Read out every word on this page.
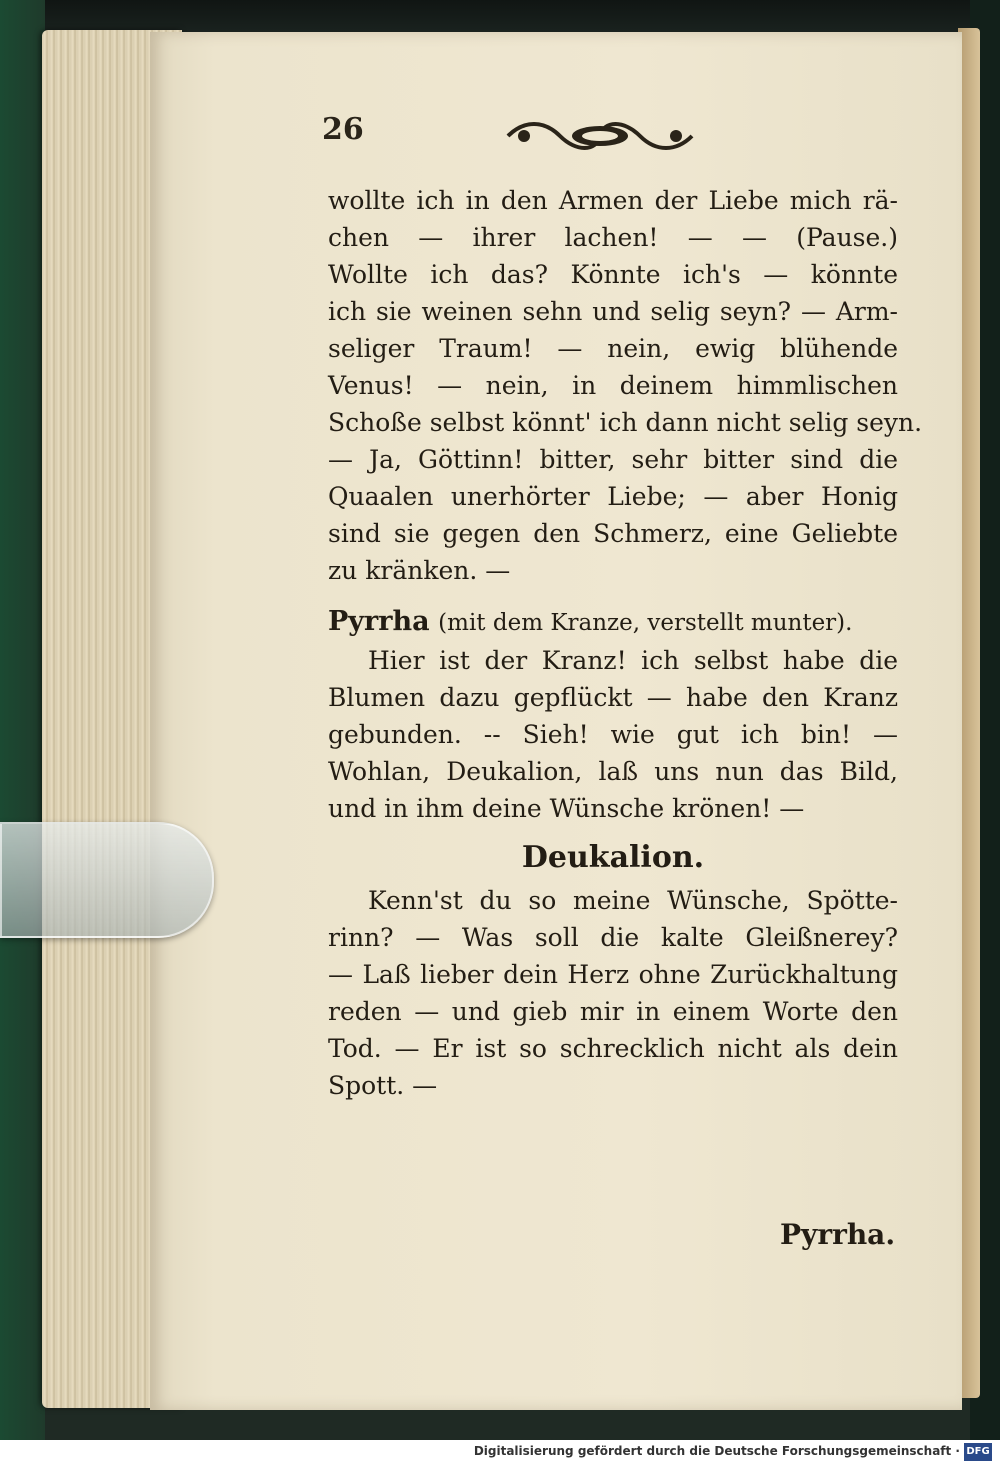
26
wollte ich in den Armen der Liebe mich rä-
chen — ihrer lachen! — — (Pause.)
Wollte ich das? Könnte ich's — könnte
ich sie weinen sehn und selig seyn? — Arm-
seliger Traum! — nein, ewig blühende
Venus! — nein, in deinem himmlischen
Schoße selbst könnt' ich dann nicht selig seyn.
— Ja, Göttinn! bitter, sehr bitter sind die
Quaalen unerhörter Liebe; — aber Honig
sind sie gegen den Schmerz, eine Geliebte
zu kränken. —
Pyrrha (mit dem Kranze, verstellt munter).
Hier ist der Kranz! ich selbst habe die
Blumen dazu gepflückt — habe den Kranz
gebunden. -- Sieh! wie gut ich bin! —
Wohlan, Deukalion, laß uns nun das Bild,
und in ihm deine Wünsche krönen! —
Deukalion.
Kenn'st du so meine Wünsche, Spötte-
rinn? — Was soll die kalte Gleißnerey?
— Laß lieber dein Herz ohne Zurückhaltung
reden — und gieb mir in einem Worte den
Tod. — Er ist so schrecklich nicht als dein
Spott. —
Pyrrha.
Digitalisierung gefördert durch die Deutsche Forschungsgemeinschaft · DFG
